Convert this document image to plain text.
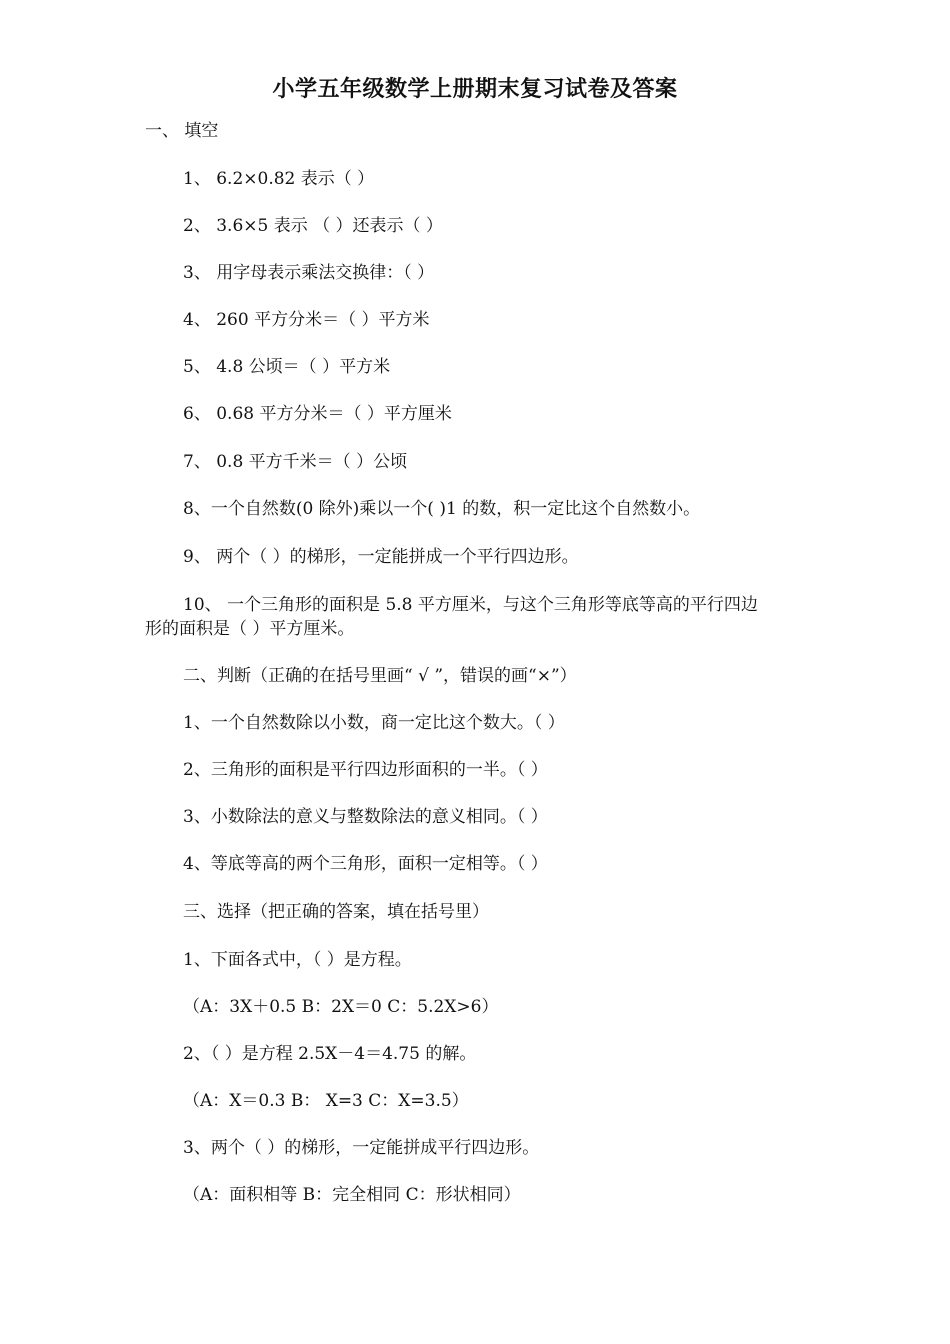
小学五年级数学上册期末复习试卷及答案
一、 填空
1、 6.2×0.82 表示（ ）
2、 3.6×5 表示 （ ）还表示（ ）
3、 用字母表示乘法交换律：（ ）
4、 260 平方分米＝（ ）平方米
5、 4.8 公顷＝（ ）平方米
6、 0.68 平方分米＝（ ）平方厘米
7、 0.8 平方千米＝（ ）公顷
8、一个自然数(0 除外)乘以一个( )1 的数，积一定比这个自然数小。
9、 两个（ ）的梯形，一定能拼成一个平行四边形。
10、 一个三角形的面积是 5.8 平方厘米，与这个三角形等底等高的平行四边
形的面积是（ ）平方厘米。
二、判断（正确的在括号里画“ √ ”，错误的画“×”）
1、一个自然数除以小数，商一定比这个数大。（ ）
2、三角形的面积是平行四边形面积的一半。（ ）
3、小数除法的意义与整数除法的意义相同。（ ）
4、等底等高的两个三角形，面积一定相等。（ ）
三、选择（把正确的答案，填在括号里）
1、下面各式中，（ ）是方程。
（A：3X＋0.5 B：2X＝0 C：5.2X>6）
2、（ ）是方程 2.5X－4＝4.75 的解。
（A：X＝0.3 B： X=3 C：X=3.5）
3、两个（ ）的梯形，一定能拼成平行四边形。
（A：面积相等 B：完全相同 C：形状相同）
